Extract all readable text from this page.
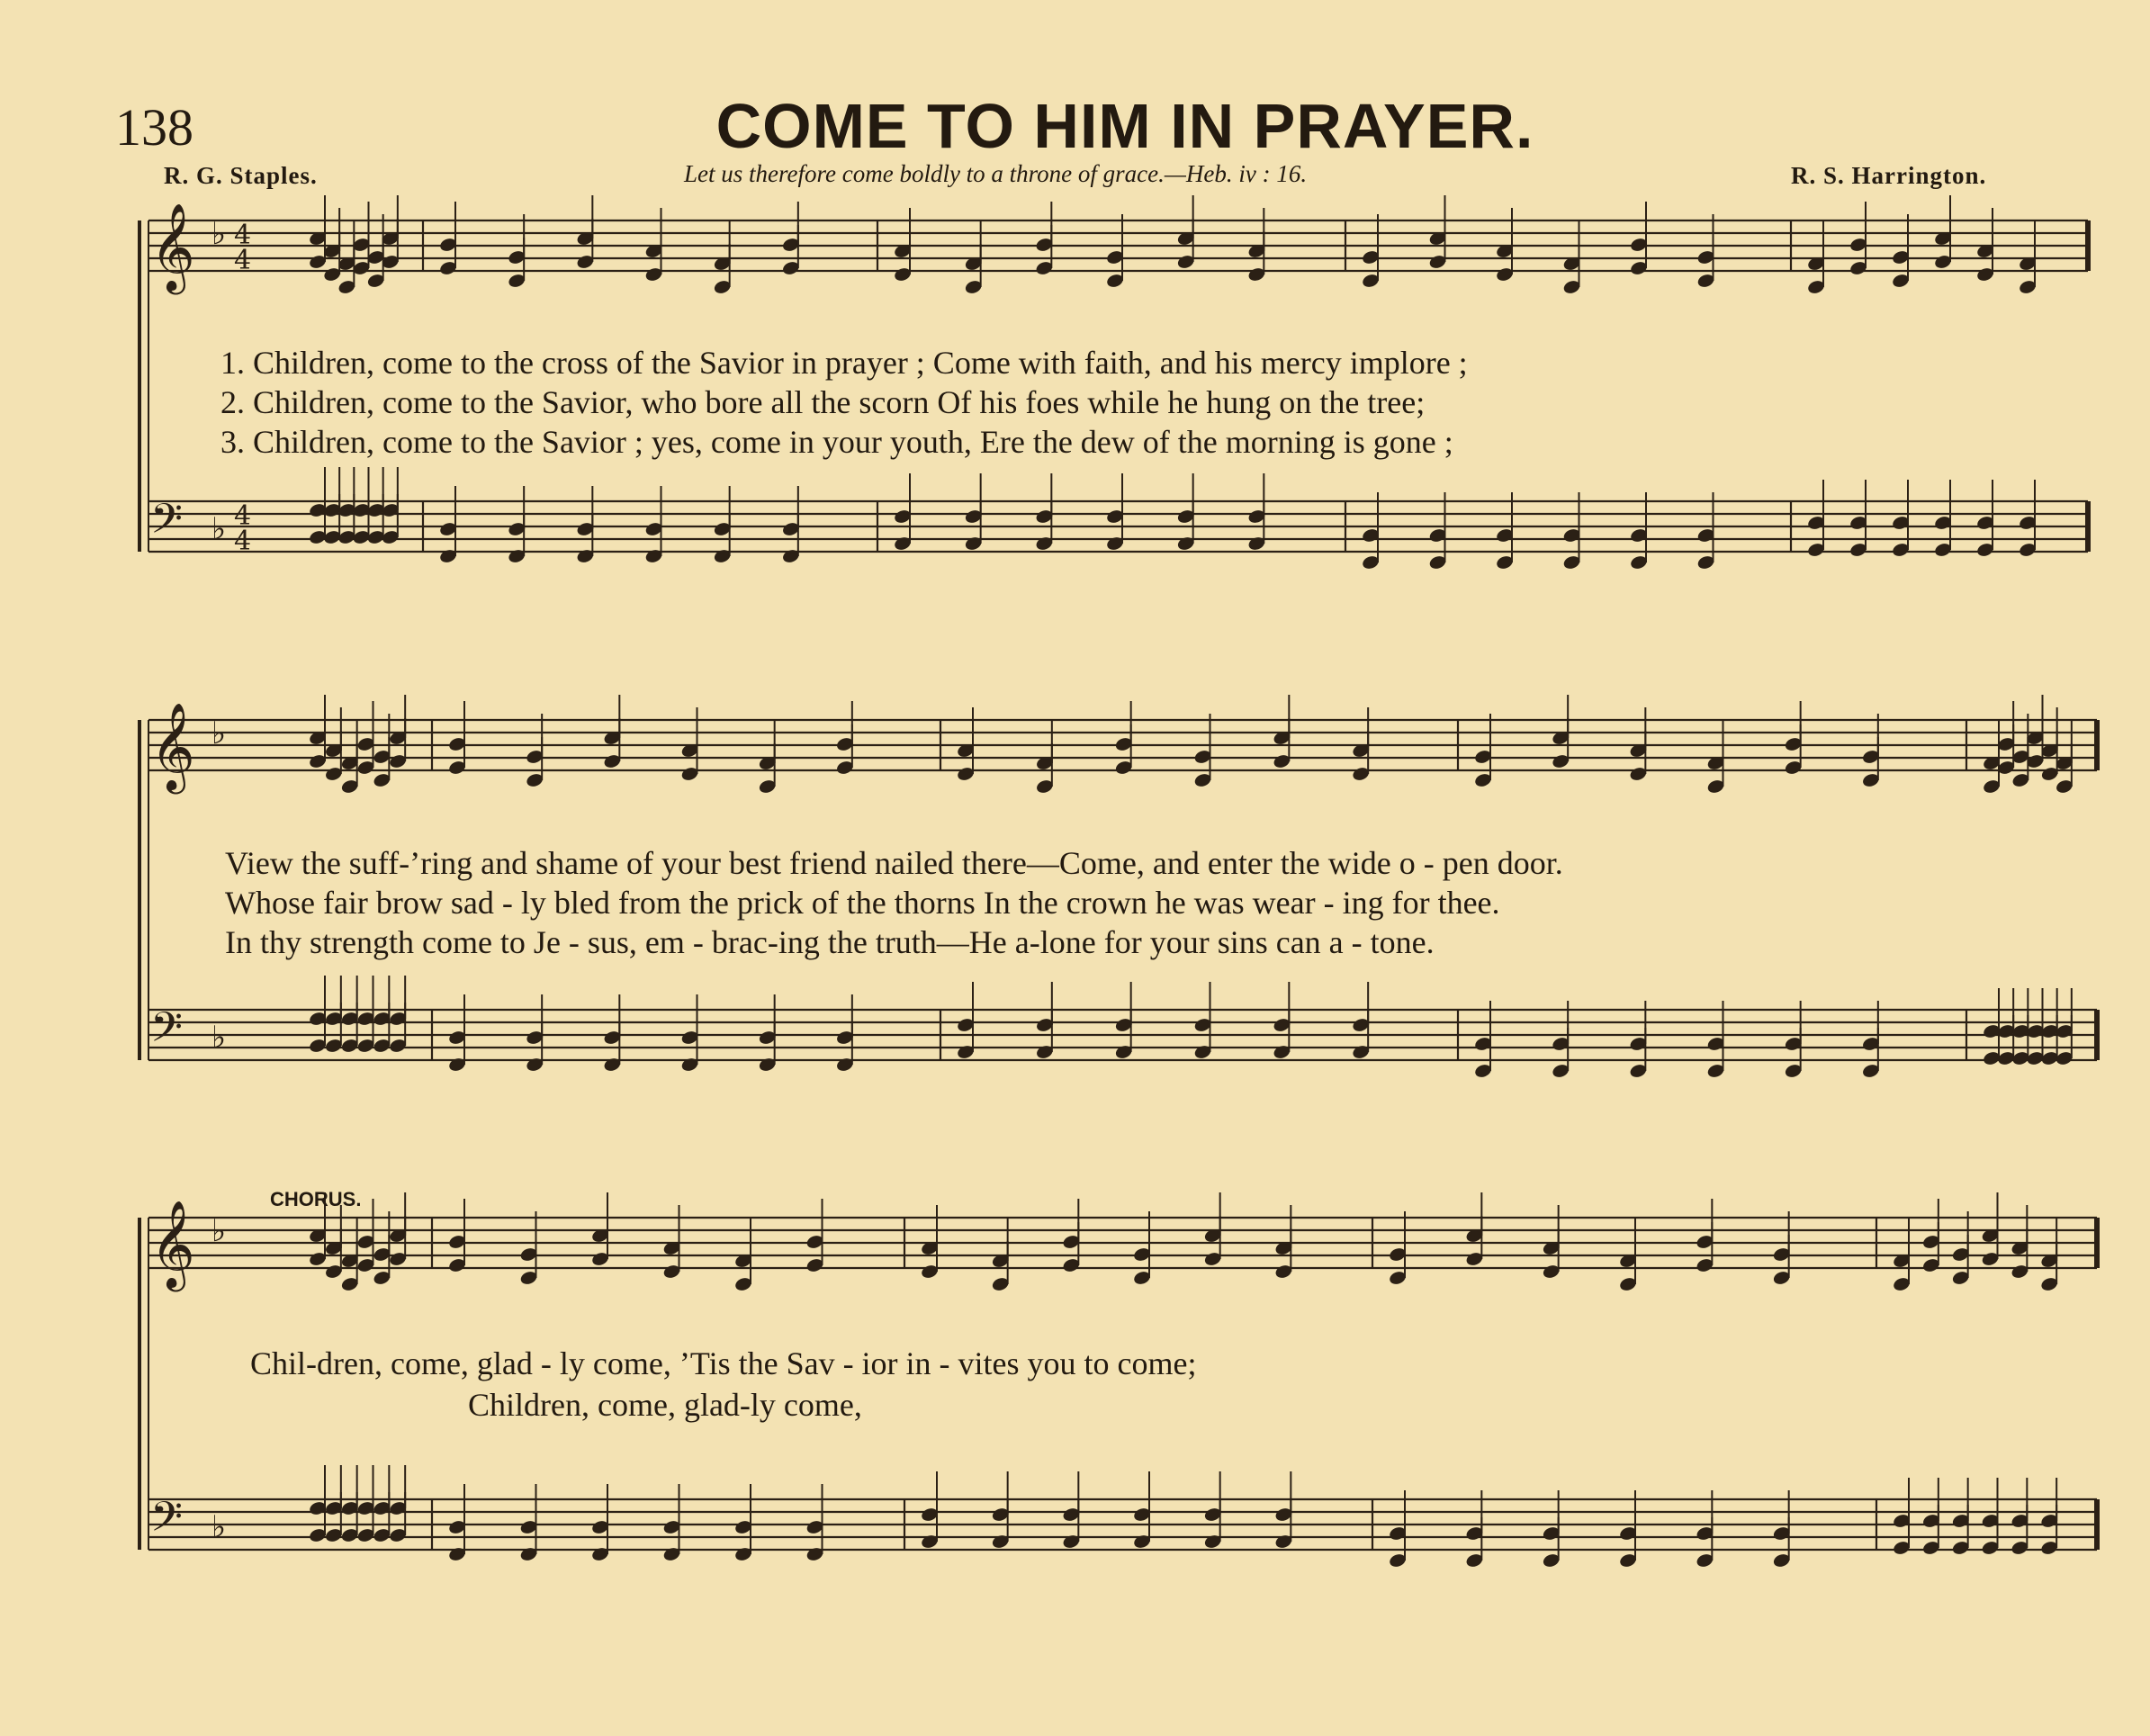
138	COME TO HIM IN PRAYER.
R. G. Staples.	Let us therefore come boldly to a throne of grace.—Heb. iv : 16.	R. S. Harrington.
𝄞 ♭ 4
4
𝄢 ♭ 4
4
𝄞 ♭
𝄢 ♭
𝄞 ♭
𝄢 ♭
1. Children, come to the cross of the Savior in prayer ; Come with faith, and his mercy implore ;
2. Children, come to the Savior, who bore all the scorn Of his foes while he hung on the tree;
3. Children, come to the Savior ; yes, come in your youth, Ere the dew of the morning is gone ;
View the suff-’ring and shame of your best friend nailed there—Come, and enter the wide o - pen door.
Whose fair brow sad - ly bled from the prick of the thorns In the crown he was wear - ing for thee.
In thy strength come to Je - sus, em - brac-ing the truth—He a-lone for your sins can a - tone.
CHORUS.
Chil-dren, come, glad - ly come, ’Tis the Sav - ior in - vites you to come;
Children, come, glad-ly come,
